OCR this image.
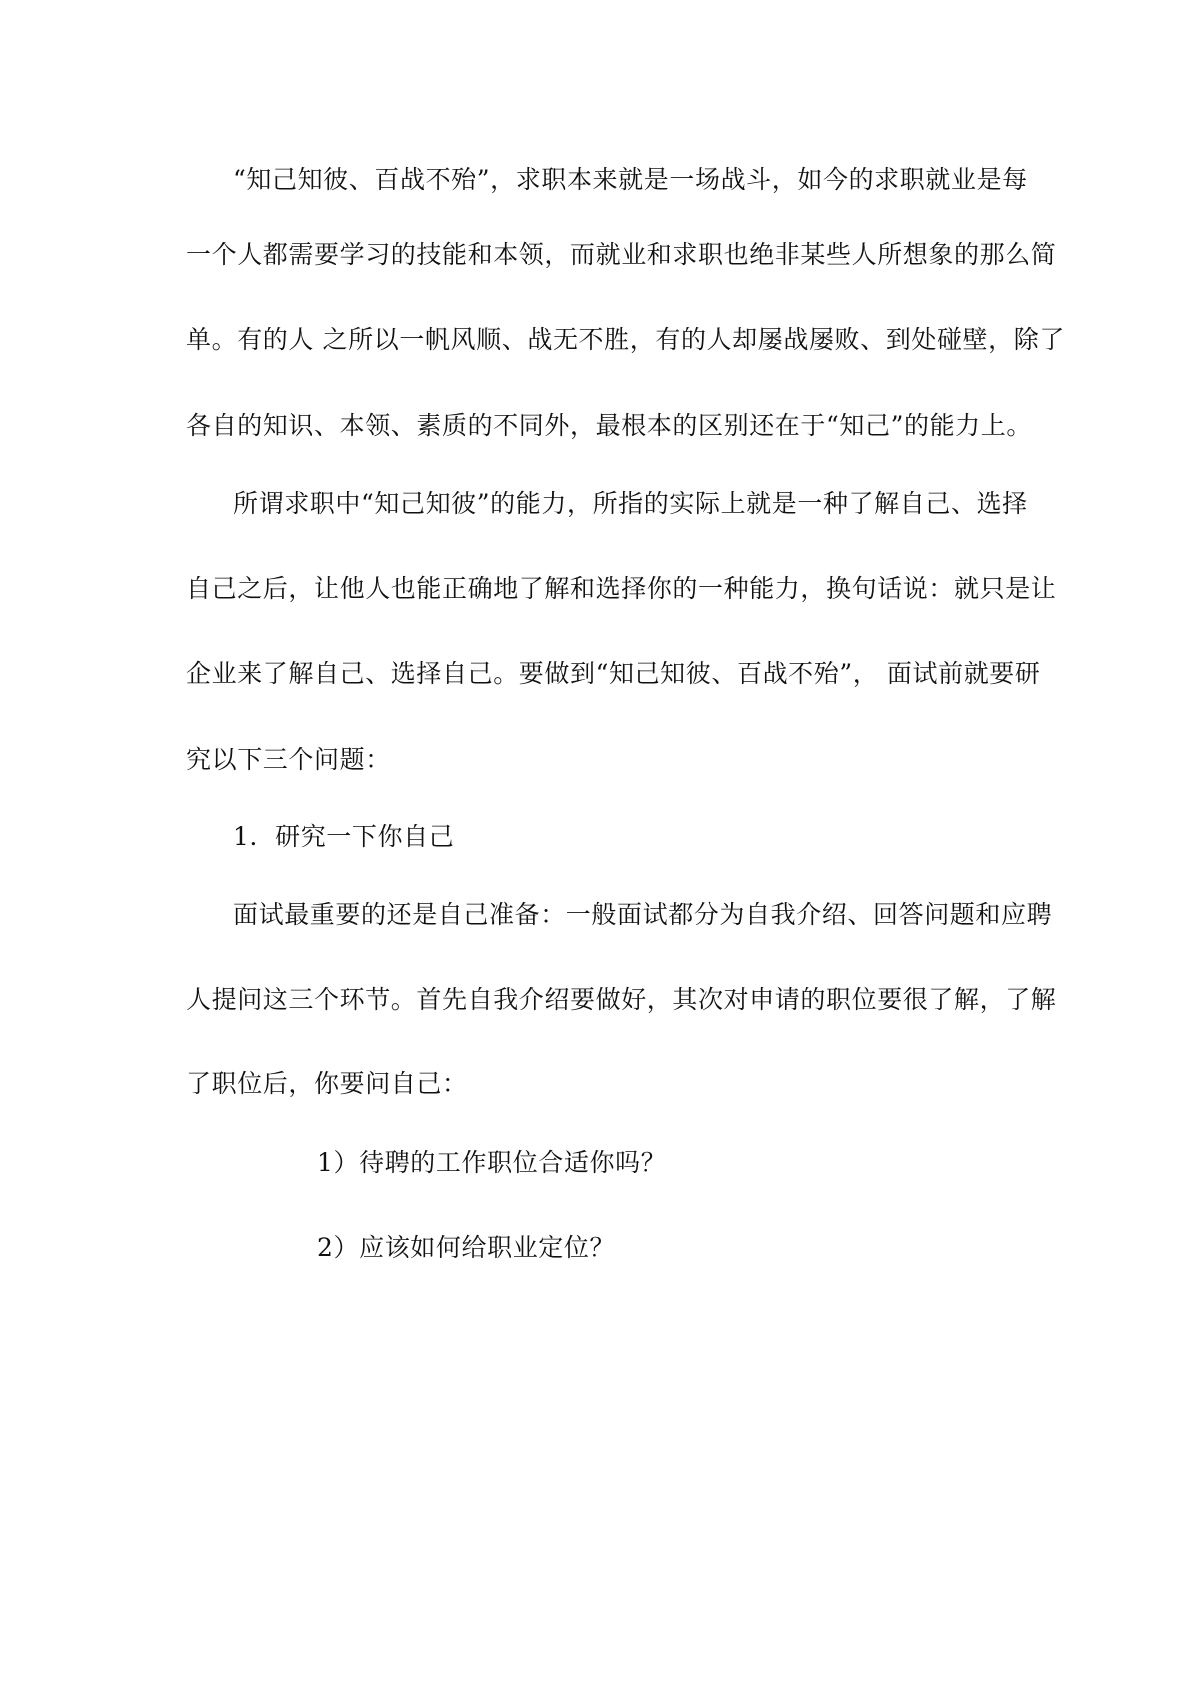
“知己知彼、百战不殆”，求职本来就是一场战斗，如今的求职就业是每
一个人都需要学习的技能和本领，而就业和求职也绝非某些人所想象的那么简
单。有的人 之所以一帆风顺、战无不胜，有的人却屡战屡败、到处碰壁，除了
各自的知识、本领、素质的不同外，最根本的区别还在于“知己”的能力上。
所谓求职中“知己知彼”的能力，所指的实际上就是一种了解自己、选择
自己之后，让他人也能正确地了解和选择你的一种能力，换句话说：就只是让
企业来了解自己、选择自己。要做到“知己知彼、百战不殆”， 面试前就要研
究以下三个问题：
1．研究一下你自己
面试最重要的还是自己准备：一般面试都分为自我介绍、回答问题和应聘
人提问这三个环节。首先自我介绍要做好，其次对申请的职位要很了解，了解
了职位后，你要问自己：
1）待聘的工作职位合适你吗？
2）应该如何给职业定位？
